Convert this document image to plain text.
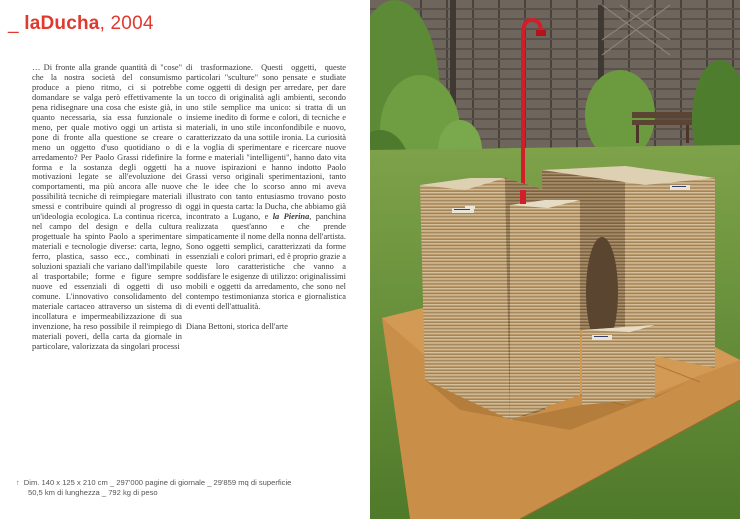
_ laDucha, 2004

… Di fronte alla grande quantità di "cose" che la nostra società del consumismo produce a pieno ritmo, ci si potrebbe domandare se valga però effettivamente la pena ridisegnare una cosa che esiste già, in quanto necessaria, sia essa funzionale o meno, per quale motivo oggi un artista si pone di fronte alla questione se creare o meno un oggetto d'uso quotidiano o di arredamento? Per Paolo Grassi ridefinire la forma e la sostanza degli oggetti ha motivazioni legate se all'evoluzione dei comportamenti, ma più ancora alle nuove possibilità tecniche di reimpiegare materiali smessi e contribuire quindi al progresso di un'ideologia ecologica. La continua ricerca, nel campo del design e della cultura progettuale ha spinto Paolo a sperimentare materiali e tecnologie diverse: carta, legno, ferro, plastica, sasso ecc., combinati in soluzioni spaziali che variano dall'impilabile al trasportabile; forme e figure sempre nuove ed essenziali di oggetti di uso comune. L'innovativo consolidamento del materiale cartaceo attraverso un sistema di incollatura e impermeabilizzazione di sua invenzione, ha reso possibile il reimpiego di materiali poveri, della carta da giornale in particolare, valorizzata da singolari processi

di trasformazione. Questi oggetti, queste particolari "sculture" sono pensate e studiate come oggetti di design per arredare, per dare un tocco di originalità agli ambienti, secondo uno stile semplice ma unico: si tratta di un insieme inedito di forme e colori, di tecniche e materiali, in uno stile inconfondibile e nuovo, caratterizzato da una sottile ironia. La curiosità e la voglia di sperimentare e ricercare nuove forme e materiali "intelligenti", hanno dato vita a nuove ispirazioni e hanno indotto Paolo Grassi verso originali sperimentazioni, tanto che le idee che lo scorso anno mi aveva illustrato con tanto entusiasmo trovano posto oggi in questa carta: la Ducha, che abbiamo già incontrato a Lugano, e la Pierina, panchina realizzata quest'anno e che prende simpaticamente il nome della nonna dell'artista. Sono oggetti semplici, caratterizzati da forme essenziali e colori primari, ed è proprio grazie a queste loro caratteristiche che vanno a soddisfare le esigenze di utilizzo: originalissimi mobili e oggetti da arredamento, che sono nel contempo testimonianza storica e giornalistica di eventi dell'attualità.

Diana Bettoni, storica dell'arte

↑ Dim. 140 x 125 x 210 cm _ 297'000 pagine di giornale _ 29'859 mq di superficie
50,5 km di lunghezza _ 792 kg di peso
